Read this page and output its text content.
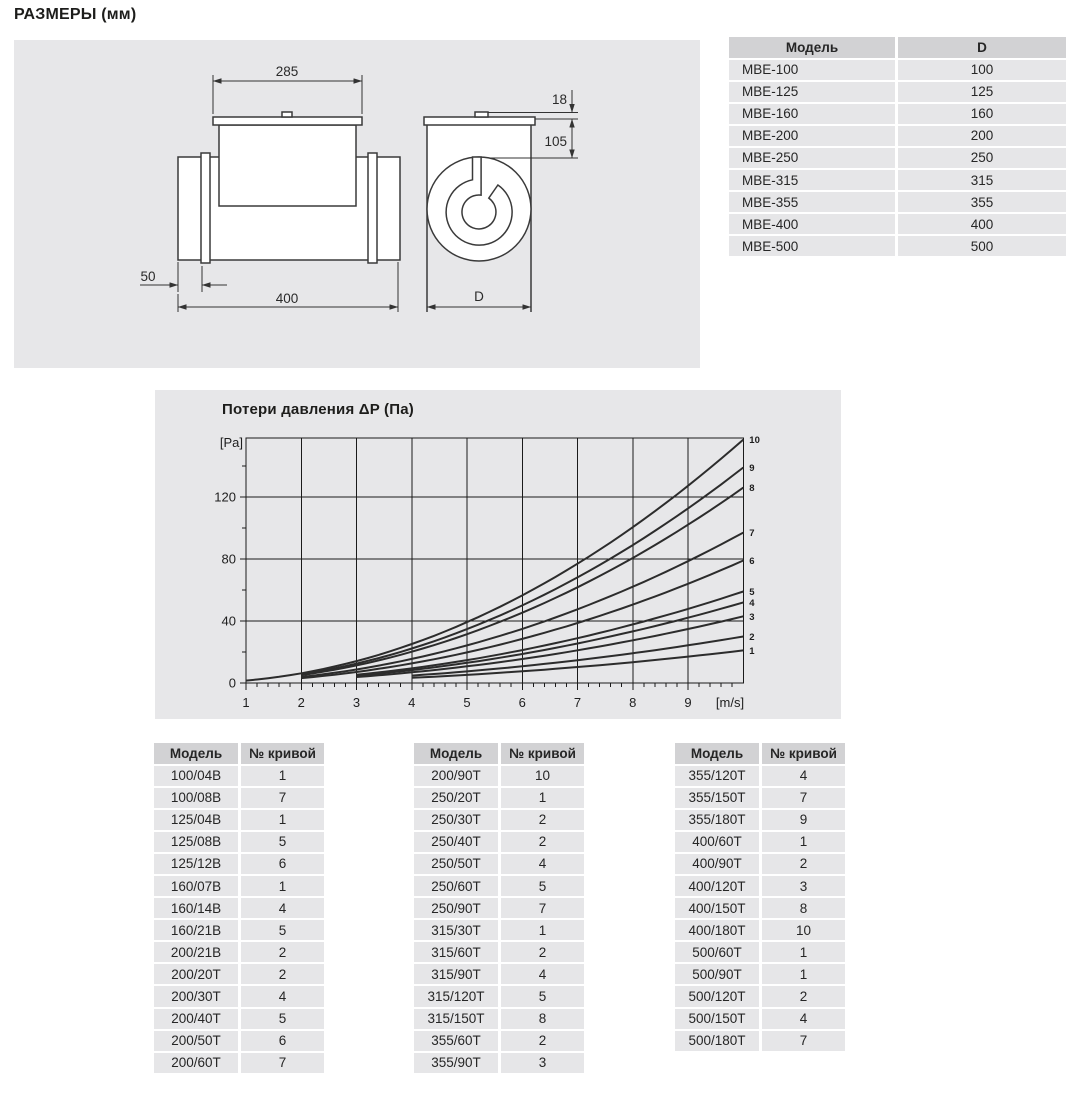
РАЗМЕРЫ (мм)
285
50
400
18
105
D
Модель	D
МВЕ-100	100
МВЕ-125	125
МВЕ-160	160
МВЕ-200	200
МВЕ-250	250
МВЕ-315	315
МВЕ-355	355
МВЕ-400	400
МВЕ-500	500
Потери давления ΔP (Па)
0
40
80
120
1	2	3	4	5	6	7	8	9
[Pa]
[m/s]
1
2
3
4
5
6
7
8
9
10
Модель	№ кривой
100/04В	1
100/08В	7
125/04В	1
125/08В	5
125/12В	6
160/07В	1
160/14В	4
160/21В	5
200/21В	2
200/20Т	2
200/30Т	4
200/40Т	5
200/50Т	6
200/60Т	7
Модель	№ кривой
200/90Т	10
250/20Т	1
250/30Т	2
250/40Т	2
250/50Т	4
250/60Т	5
250/90Т	7
315/30Т	1
315/60Т	2
315/90Т	4
315/120Т	5
315/150Т	8
355/60Т	2
355/90Т	3
Модель	№ кривой
355/120Т	4
355/150Т	7
355/180Т	9
400/60Т	1
400/90Т	2
400/120Т	3
400/150Т	8
400/180Т	10
500/60Т	1
500/90Т	1
500/120Т	2
500/150Т	4
500/180Т	7
